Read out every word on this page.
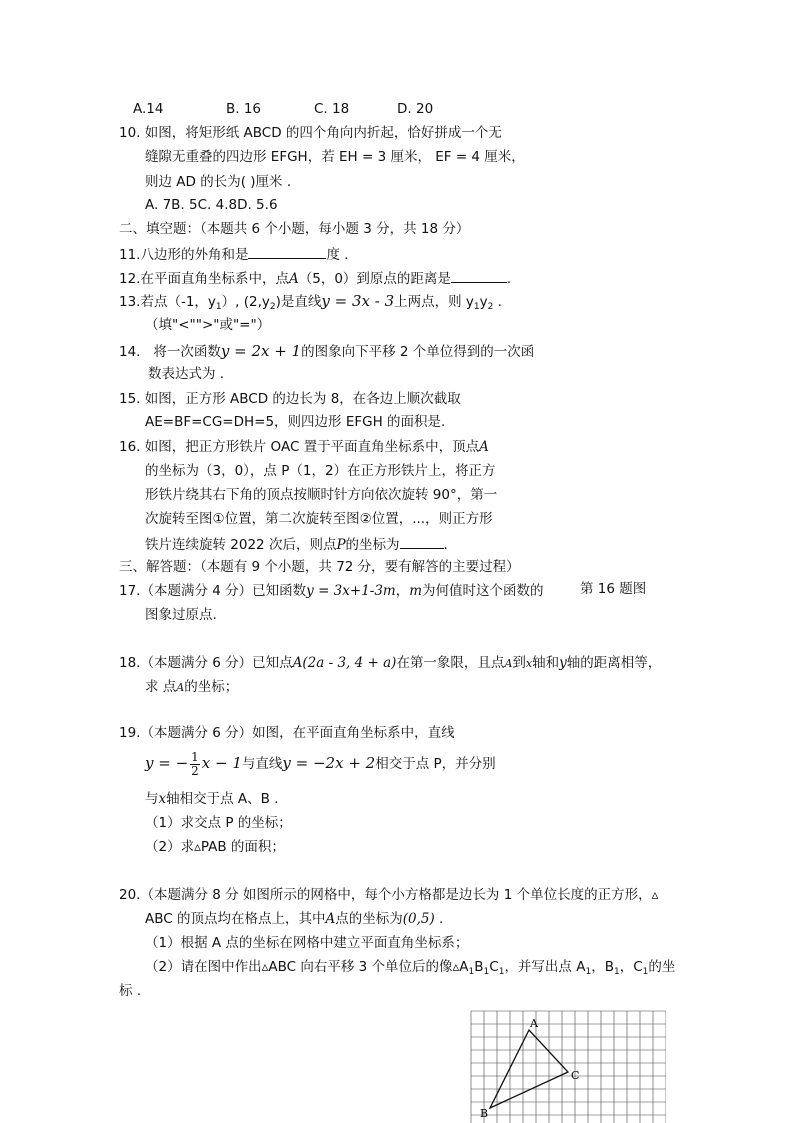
A.14	B. 16	C. 18	D. 20
10. 如图，将矩形纸 ABCD 的四个角向内折起，恰好拼成一个无
缝隙无重叠的四边形 EFGH，若 EH = 3 厘米， EF = 4 厘米，
则边 AD 的长为( )厘米 .
A. 7B. 5C. 4.8D. 5.6
二、填空题：（本题共 6 个小题，每小题 3 分，共 18 分）
11.八边形的外角和是	度 .
12.在平面直角坐标系中，点A（5，0）到原点的距离是	.
13.若点（-1，$y_1$）, $(2,y_2)$是直线y = 3x - 3上两点，则 $y_1y_2$ .
（填"<"">"或"="）
14. 将一次函数y = 2x + 1的图象向下平移 2 个单位得到的一次函
数表达式为 .
15. 如图，正方形 ABCD 的边长为 8，在各边上顺次截取
AE=BF=CG=DH=5，则四边形 EFGH 的面积是.
16. 如图，把正方形铁片 OAC 置于平面直角坐标系中，顶点A
的坐标为（3，0），点 P（1，2）在正方形铁片上，将正方
形铁片绕其右下角的顶点按顺时针方向依次旋转 90°，第一
次旋转至图①位置，第二次旋转至图②位置，...，则正方形
铁片连续旋转 2022 次后，则点P的坐标为	.
三、解答题：（本题有 9 个小题，共 72 分，要有解答的主要过程）
17.（本题满分 4 分）已知函数y = 3x+1-3m，m为何值时这个函数的	第 16 题图
图象过原点.
18.（本题满分 6 分）已知点A(2a - 3, 4 + a)在第一象限，且点A到x轴和y轴的距离相等，
求 点A的坐标；
19.（本题满分 6 分）如图，在平面直角坐标系中，直线
y = − $\frac{1}{2}$ x − 1与直线y = −2x + 2相交于点 P，并分别
与x轴相交于点 A、B .
（1）求交点 P 的坐标；
（2）求▵PAB 的面积；
20.（本题满分 8 分 如图所示的网格中，每个小方格都是边长为 1 个单位长度的正方形，▵
ABC 的顶点均在格点上，其中A点的坐标为(0,5) .
（1）根据 A 点的坐标在网格中建立平面直角坐标系；
（2）请在图中作出▵ABC 向右平移 3 个单位后的像$▵A_1B_1C_1$，并写出点 $A_1$，$B_1$，$C_1$的坐
标 .
A
B
C
